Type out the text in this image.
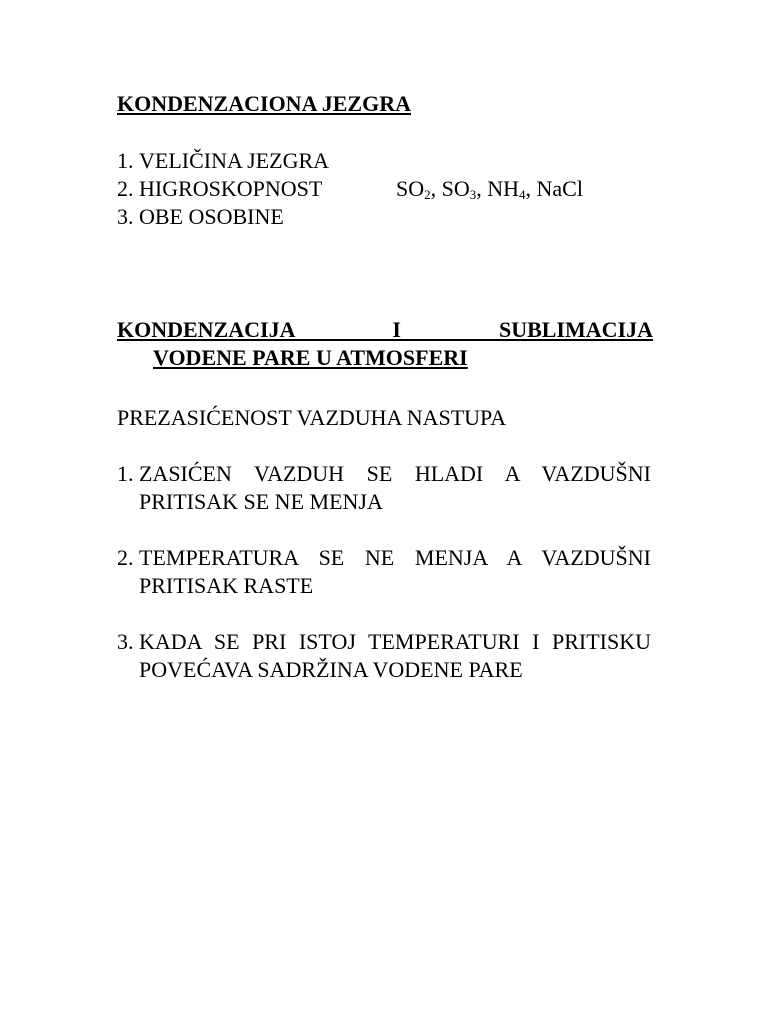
KONDENZACIONA JEZGRA
1. VELIČINA JEZGRA
2. HIGROSKOPNOST
3. OBE OSOBINE
$SO_2$, $SO_3$, $NH_4$, NaCl
KONDENZACIJA I SUBLIMACIJA
VODENE PARE U ATMOSFERI
PREZASIĆENOST VAZDUHA NASTUPA
1. ZASIĆEN VAZDUH SE HLADI A VAZDUŠNI PRITISAK SE NE MENJA
2. TEMPERATURA SE NE MENJA A VAZDUŠNI PRITISAK RASTE
3. KADA SE PRI ISTOJ TEMPERATURI I PRITISKU POVEĆAVA SADRŽINA VODENE PARE
